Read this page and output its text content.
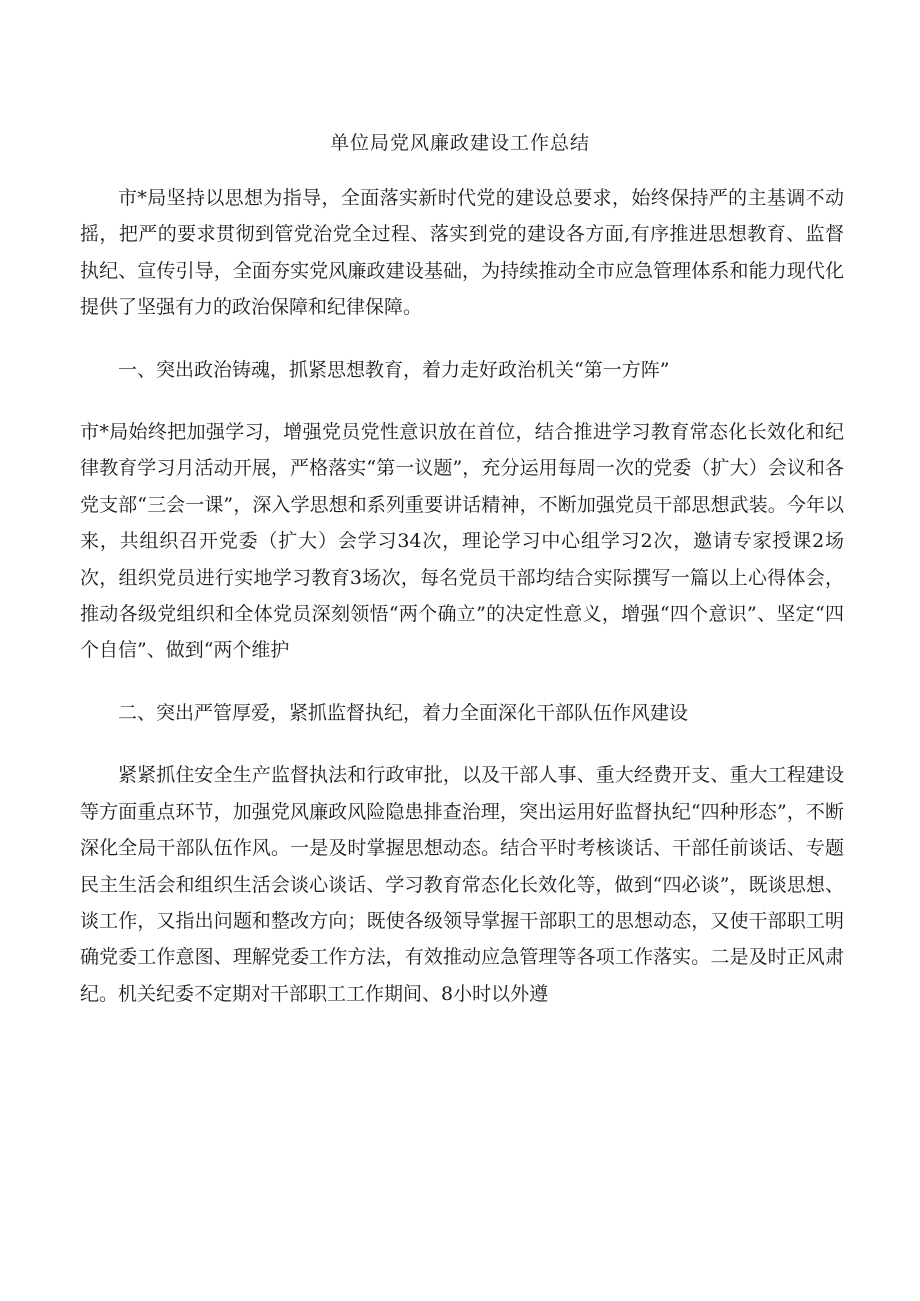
单位局党风廉政建设工作总结

市*局坚持以思想为指导，全面落实新时代党的建设总要求，始终保持严的主基调不动摇，把严的要求贯彻到管党治党全过程、落实到党的建设各方面,有序推进思想教育、监督执纪、宣传引导，全面夯实党风廉政建设基础，为持续推动全市应急管理体系和能力现代化提供了坚强有力的政治保障和纪律保障。

一、突出政治铸魂，抓紧思想教育，着力走好政治机关“第一方阵”

市*局始终把加强学习，增强党员党性意识放在首位，结合推进学习教育常态化长效化和纪律教育学习月活动开展，严格落实“第一议题”，充分运用每周一次的党委（扩大）会议和各党支部“三会一课”，深入学思想和系列重要讲话精神，不断加强党员干部思想武装。今年以来，共组织召开党委（扩大）会学习34次，理论学习中心组学习2次，邀请专家授课2场次，组织党员进行实地学习教育3场次，每名党员干部均结合实际撰写一篇以上心得体会，推动各级党组织和全体党员深刻领悟“两个确立”的决定性意义，增强“四个意识”、坚定“四个自信”、做到“两个维护

二、突出严管厚爱，紧抓监督执纪，着力全面深化干部队伍作风建设

紧紧抓住安全生产监督执法和行政审批，以及干部人事、重大经费开支、重大工程建设等方面重点环节，加强党风廉政风险隐患排查治理，突出运用好监督执纪“四种形态”，不断深化全局干部队伍作风。一是及时掌握思想动态。结合平时考核谈话、干部任前谈话、专题民主生活会和组织生活会谈心谈话、学习教育常态化长效化等，做到“四必谈”，既谈思想、谈工作，又指出问题和整改方向；既使各级领导掌握干部职工的思想动态，又使干部职工明确党委工作意图、理解党委工作方法，有效推动应急管理等各项工作落实。二是及时正风肃纪。机关纪委不定期对干部职工工作期间、8小时以外遵
